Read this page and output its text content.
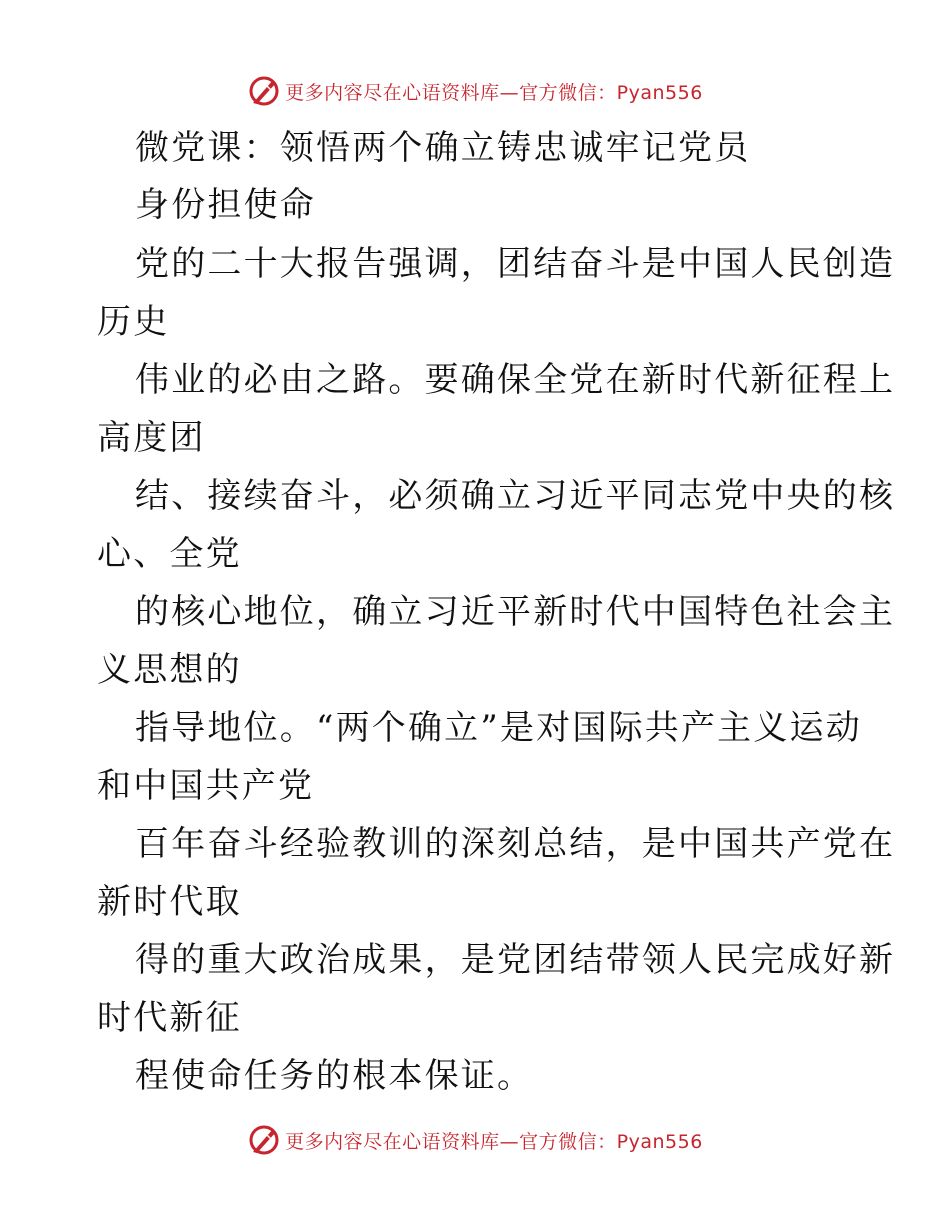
更多内容尽在心语资料库—官方微信：Pyan556
微党课：领悟两个确立铸忠诚牢记党员
身份担使命
党的二十大报告强调，团结奋斗是中国人民创造
历史
伟业的必由之路。要确保全党在新时代新征程上
高度团
结、接续奋斗，必须确立习近平同志党中央的核
心、全党
的核心地位，确立习近平新时代中国特色社会主
义思想的
指导地位。“两个确立”是对国际共产主义运动
和中国共产党
百年奋斗经验教训的深刻总结，是中国共产党在
新时代取
得的重大政治成果，是党团结带领人民完成好新
时代新征
程使命任务的根本保证。
更多内容尽在心语资料库—官方微信：Pyan556
